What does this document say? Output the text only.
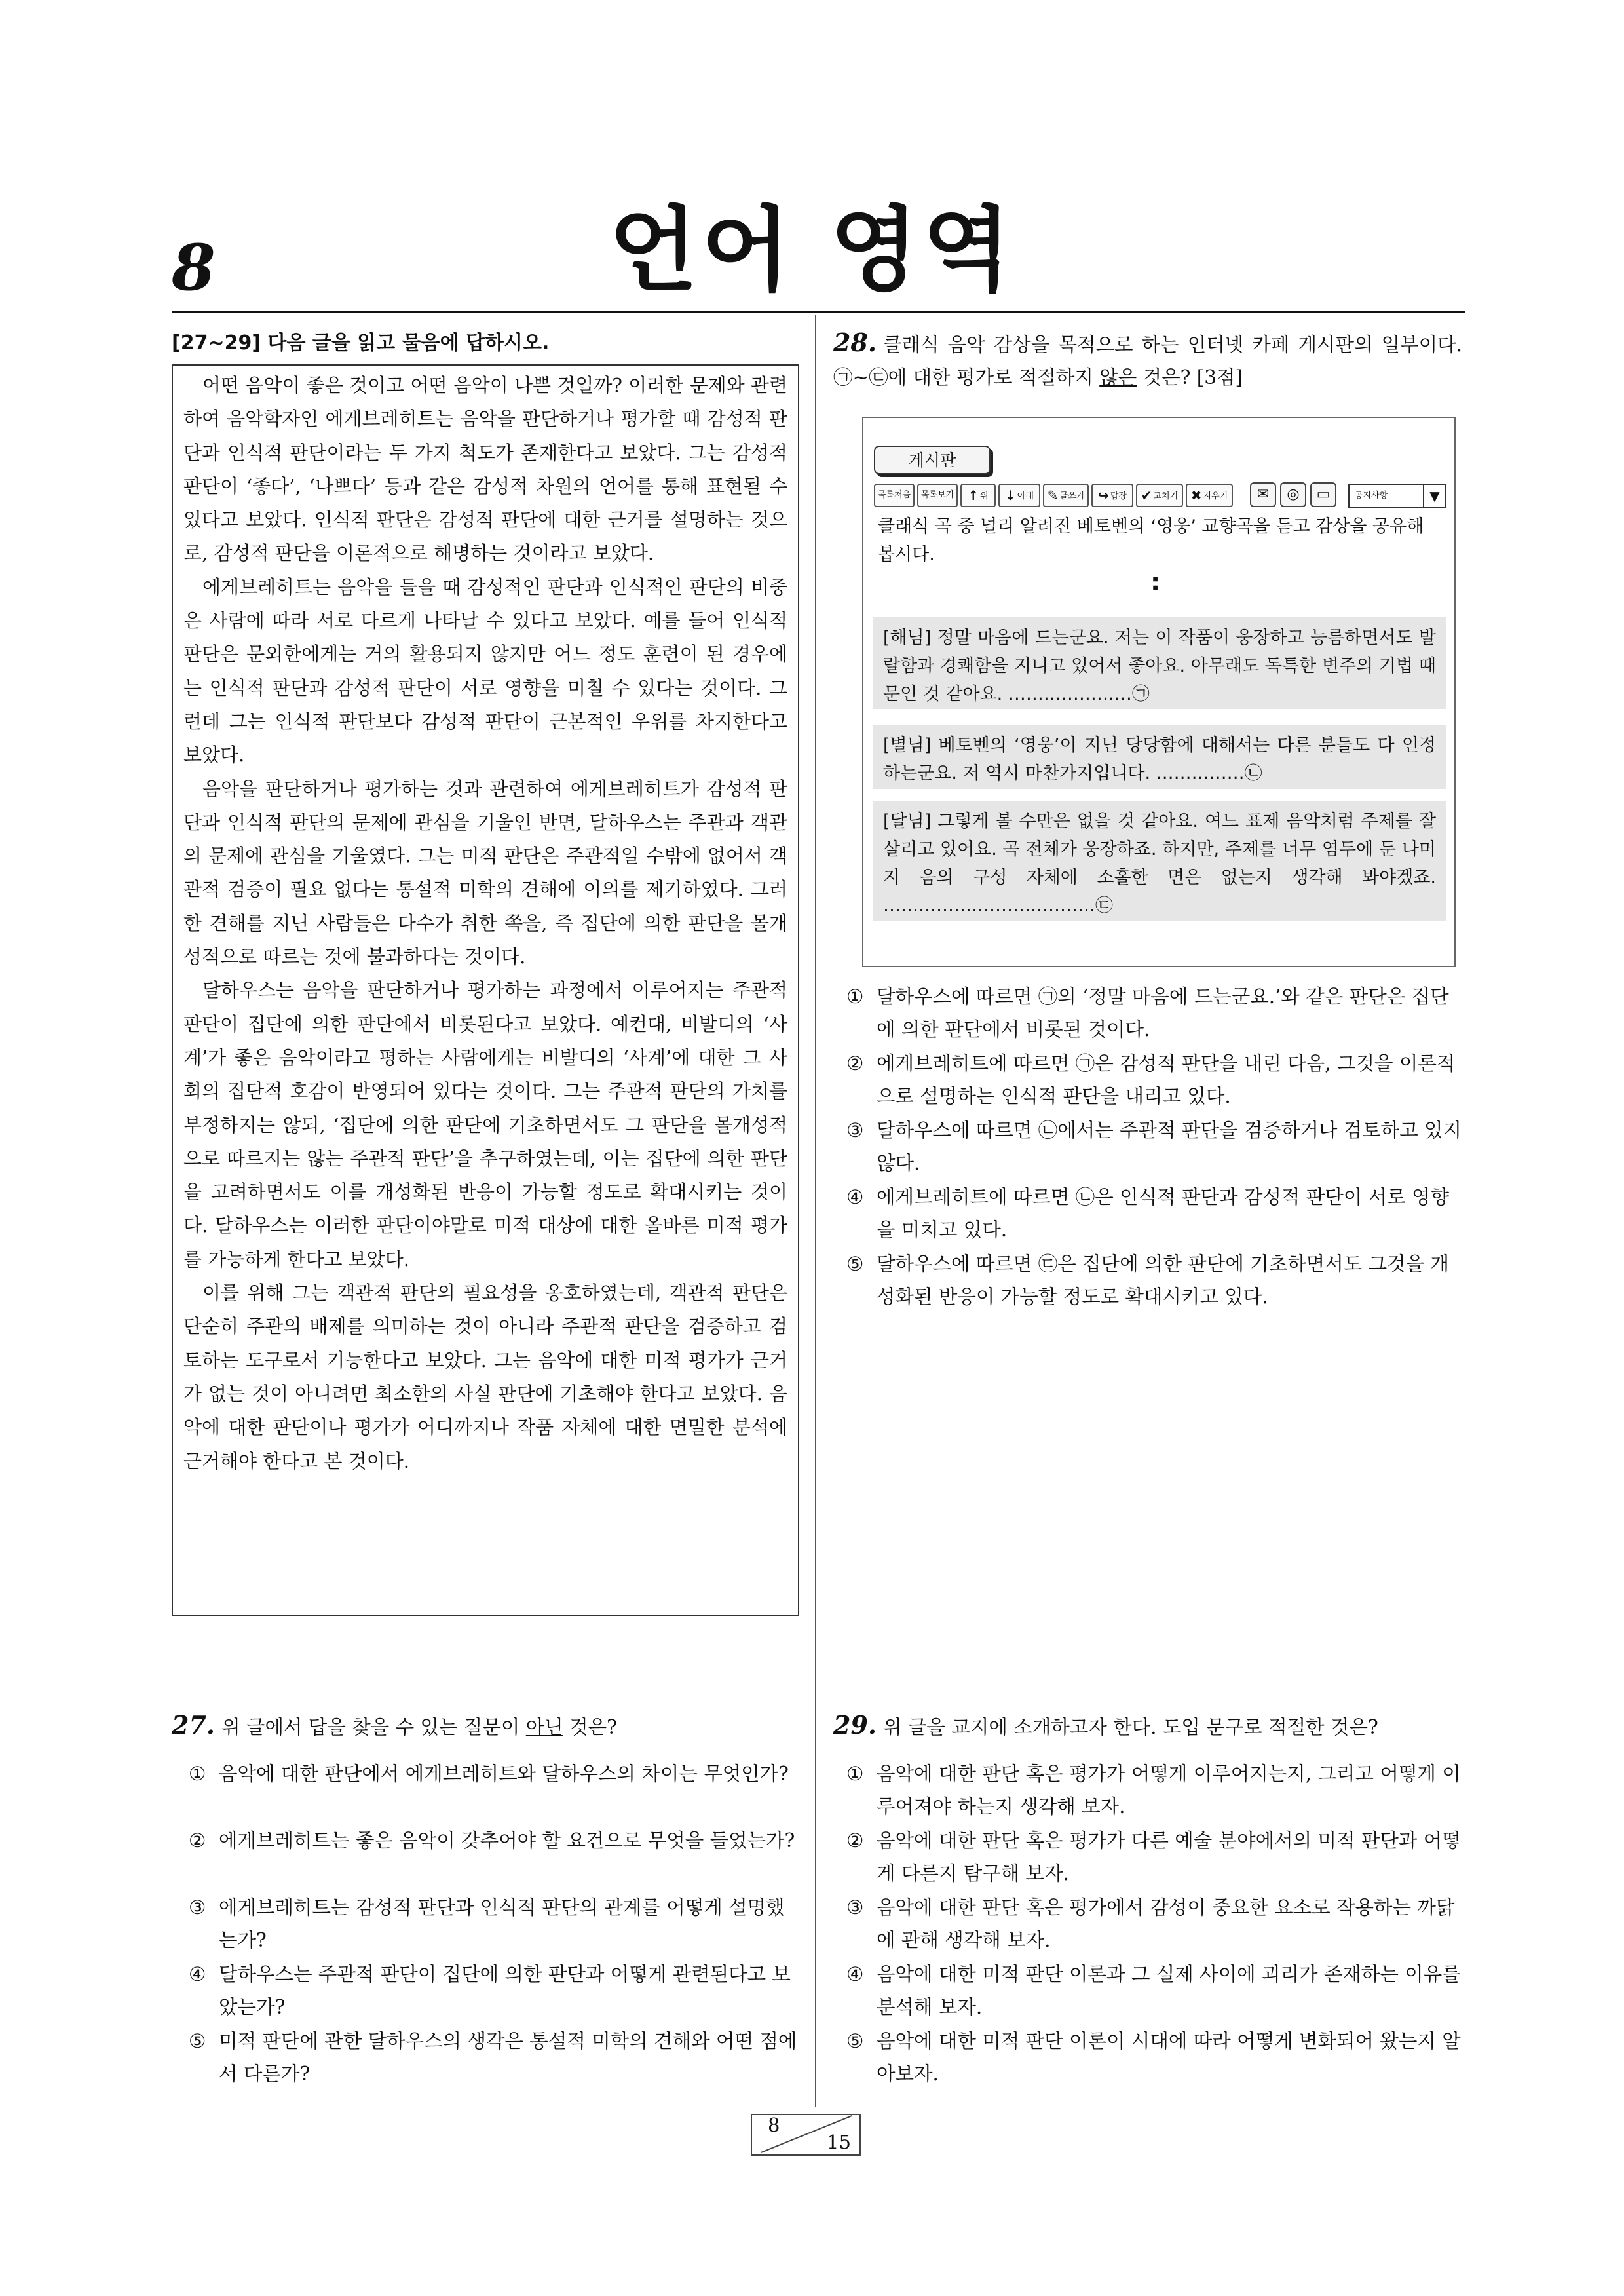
8	언어 영역
[27∼29] 다음 글을 읽고 물음에 답하시오.

어떤 음악이 좋은 것이고 어떤 음악이 나쁜 것일까? 이러한 문제와 관련하여 음악학자인 에게브레히트는 음악을 판단하거나 평가할 때 감성적 판단과 인식적 판단이라는 두 가지 척도가 존재한다고 보았다. 그는 감성적 판단이 ‘좋다’, ‘나쁘다’ 등과 같은 감성적 차원의 언어를 통해 표현될 수 있다고 보았다. 인식적 판단은 감성적 판단에 대한 근거를 설명하는 것으로, 감성적 판단을 이론적으로 해명하는 것이라고 보았다.

에게브레히트는 음악을 들을 때 감성적인 판단과 인식적인 판단의 비중은 사람에 따라 서로 다르게 나타날 수 있다고 보았다. 예를 들어 인식적 판단은 문외한에게는 거의 활용되지 않지만 어느 정도 훈련이 된 경우에는 인식적 판단과 감성적 판단이 서로 영향을 미칠 수 있다는 것이다. 그런데 그는 인식적 판단보다 감성적 판단이 근본적인 우위를 차지한다고 보았다.

음악을 판단하거나 평가하는 것과 관련하여 에게브레히트가 감성적 판단과 인식적 판단의 문제에 관심을 기울인 반면, 달하우스는 주관과 객관의 문제에 관심을 기울였다. 그는 미적 판단은 주관적일 수밖에 없어서 객관적 검증이 필요 없다는 통설적 미학의 견해에 이의를 제기하였다. 그러한 견해를 지닌 사람들은 다수가 취한 쪽을, 즉 집단에 의한 판단을 몰개성적으로 따르는 것에 불과하다는 것이다.

달하우스는 음악을 판단하거나 평가하는 과정에서 이루어지는 주관적 판단이 집단에 의한 판단에서 비롯된다고 보았다. 예컨대, 비발디의 ‘사계’가 좋은 음악이라고 평하는 사람에게는 비발디의 ‘사계’에 대한 그 사회의 집단적 호감이 반영되어 있다는 것이다. 그는 주관적 판단의 가치를 부정하지는 않되, ‘집단에 의한 판단에 기초하면서도 그 판단을 몰개성적으로 따르지는 않는 주관적 판단’을 추구하였는데, 이는 집단에 의한 판단을 고려하면서도 이를 개성화된 반응이 가능할 정도로 확대시키는 것이다. 달하우스는 이러한 판단이야말로 미적 대상에 대한 올바른 미적 평가를 가능하게 한다고 보았다.

이를 위해 그는 객관적 판단의 필요성을 옹호하였는데, 객관적 판단은 단순히 주관의 배제를 의미하는 것이 아니라 주관적 판단을 검증하고 검토하는 도구로서 기능한다고 보았다. 그는 음악에 대한 미적 평가가 근거가 없는 것이 아니려면 최소한의 사실 판단에 기초해야 한다고 보았다. 음악에 대한 판단이나 평가가 어디까지나 작품 자체에 대한 면밀한 분석에 근거해야 한다고 본 것이다.

28. 클래식 음악 감상을 목적으로 하는 인터넷 카페 게시판의 일부이다. ㉠∼㉢에 대한 평가로 적절하지 않은 것은? [3점]
게시판
목록처음	목록보기	↑ 위	↓ 아래	✎ 글쓰기	↪ 답장	✔ 고치기 ✖ 지우기	✉	◎	▭	공지사항	▼
클래식 곡 중 널리 알려진 베토벤의 ‘영웅’ 교향곡을 듣고 감상을 공유해 봅시다.
:
[해님] 정말 마음에 드는군요. 저는 이 작품이 웅장하고 능름하면서도 발랄함과 경쾌함을 지니고 있어서 좋아요. 아무래도 독특한 변주의 기법 때문인 것 같아요. …………………㉠
[별님] 베토벤의 ‘영웅’이 지닌 당당함에 대해서는 다른 분들도 다 인정하는군요. 저 역시 마찬가지입니다. ……………㉡
[달님] 그렇게 볼 수만은 없을 것 같아요. 여느 표제 음악처럼 주제를 잘 살리고 있어요. 곡 전체가 웅장하죠. 하지만, 주제를 너무 염두에 둔 나머지 음의 구성 자체에 소홀한 면은 없는지 생각해 봐야겠죠. ………………………………㉢
① 달하우스에 따르면 ㉠의 ‘정말 마음에 드는군요.’와 같은 판단은 집단에 의한 판단에서 비롯된 것이다.
② 에게브레히트에 따르면 ㉠은 감성적 판단을 내린 다음, 그것을 이론적으로 설명하는 인식적 판단을 내리고 있다.
③ 달하우스에 따르면 ㉡에서는 주관적 판단을 검증하거나 검토하고 있지 않다.
④ 에게브레히트에 따르면 ㉡은 인식적 판단과 감성적 판단이 서로 영향을 미치고 있다.
⑤ 달하우스에 따르면 ㉢은 집단에 의한 판단에 기초하면서도 그것을 개성화된 반응이 가능할 정도로 확대시키고 있다.
27. 위 글에서 답을 찾을 수 있는 질문이 아닌 것은?
① 음악에 대한 판단에서 에게브레히트와 달하우스의 차이는 무엇인가?
② 에게브레히트는 좋은 음악이 갖추어야 할 요건으로 무엇을 들었는가?
③ 에게브레히트는 감성적 판단과 인식적 판단의 관계를 어떻게 설명했는가?
④ 달하우스는 주관적 판단이 집단에 의한 판단과 어떻게 관련된다고 보았는가?
⑤ 미적 판단에 관한 달하우스의 생각은 통설적 미학의 견해와 어떤 점에서 다른가?
29. 위 글을 교지에 소개하고자 한다. 도입 문구로 적절한 것은?
① 음악에 대한 판단 혹은 평가가 어떻게 이루어지는지, 그리고 어떻게 이루어져야 하는지 생각해 보자.
② 음악에 대한 판단 혹은 평가가 다른 예술 분야에서의 미적 판단과 어떻게 다른지 탐구해 보자.
③ 음악에 대한 판단 혹은 평가에서 감성이 중요한 요소로 작용하는 까닭에 관해 생각해 보자.
④ 음악에 대한 미적 판단 이론과 그 실제 사이에 괴리가 존재하는 이유를 분석해 보자.
⑤ 음악에 대한 미적 판단 이론이 시대에 따라 어떻게 변화되어 왔는지 알아보자.
8
15
